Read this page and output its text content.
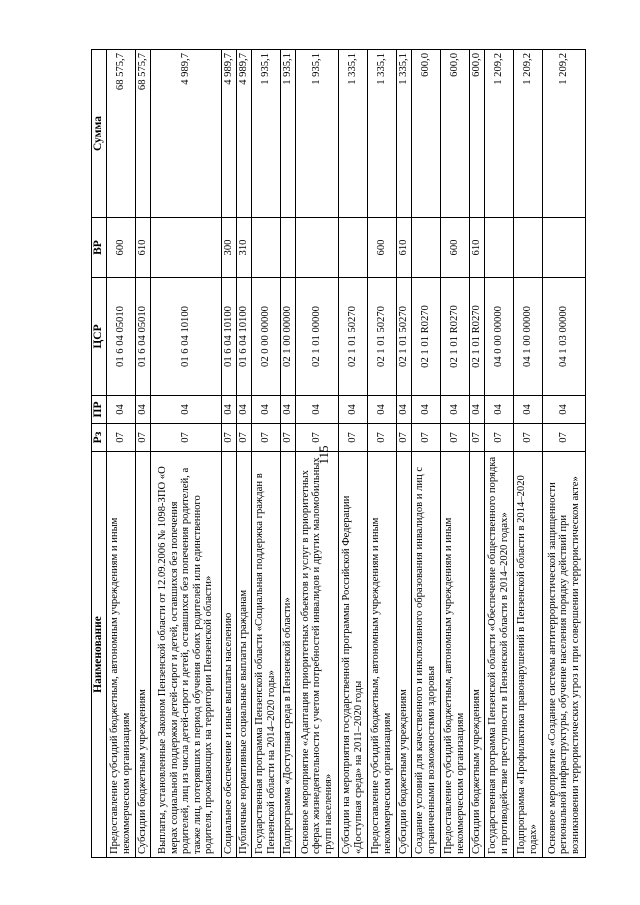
115
Наименование	Рз	ПР	ЦСР	ВР	Сумма
Предоставление субсидий бюджетным, автономным учреждениям и иным некоммерческим организациям	07	04	01 6 04 05010	600	68 575,7
Субсидии бюджетным учреждениям	07	04	01 6 04 05010	610	68 575,7
Выплаты, установленные Законом Пензенской области от 12.09.2006 № 1098-ЗПО «О мерах социальной поддержки детей-сирот и детей, оставшихся без попечения родителей, лиц из числа детей-сирот и детей, оставшихся без попечения родителей, а также лиц, потерявших в период обучения обоих родителей или единственного родителя, проживающих на территории Пензенской области»	07	04	01 6 04 10100		4 989,7
Социальное обеспечение и иные выплаты населению	07	04	01 6 04 10100	300	4 989,7
Публичные нормативные социальные выплаты гражданам	07	04	01 6 04 10100	310	4 989,7
Государственная программа Пензенской области «Социальная поддержка граждан в Пензенской области на 2014–2020 годы»	07	04	02 0 00 00000		1 935,1
Подпрограмма «Доступная среда в Пензенской области»	07	04	02 1 00 00000		1 935,1
Основное мероприятие «Адаптация приоритетных объектов и услуг в приоритетных сферах жизнедеятельности с учетом потребностей инвалидов и других маломобильных групп населения»	07	04	02 1 01 00000		1 935,1
Субсидии на мероприятия государственной программы Российской Федерации «Доступная среда» на 2011–2020 годы	07	04	02 1 01 50270		1 335,1
Предоставление субсидий бюджетным, автономным учреждениям и иным некоммерческим организациям	07	04	02 1 01 50270	600	1 335,1
Субсидии бюджетным учреждениям	07	04	02 1 01 50270	610	1 335,1
Создание условий для качественного и инклюзивного образования инвалидов и лиц с ограниченными возможностями здоровья	07	04	02 1 01 R0270		600,0
Предоставление субсидий бюджетным, автономным учреждениям и иным некоммерческим организациям	07	04	02 1 01 R0270	600	600,0
Субсидии бюджетным учреждениям	07	04	02 1 01 R0270	610	600,0
Государственная программа Пензенской области «Обеспечение общественного порядка и противодействие преступности в Пензенской области в 2014–2020 годах»	07	04	04 0 00 00000		1 209,2
Подпрограмма «Профилактика правонарушений в Пензенской области в 2014–2020 годах»	07	04	04 1 00 00000		1 209,2
Основное мероприятие «Создание системы антитеррористической защищенности региональной инфраструктуры, обучение населения порядку действий при возникновении террористических угроз и при совершении террористическом акте»	07	04	04 1 03 00000		1 209,2
